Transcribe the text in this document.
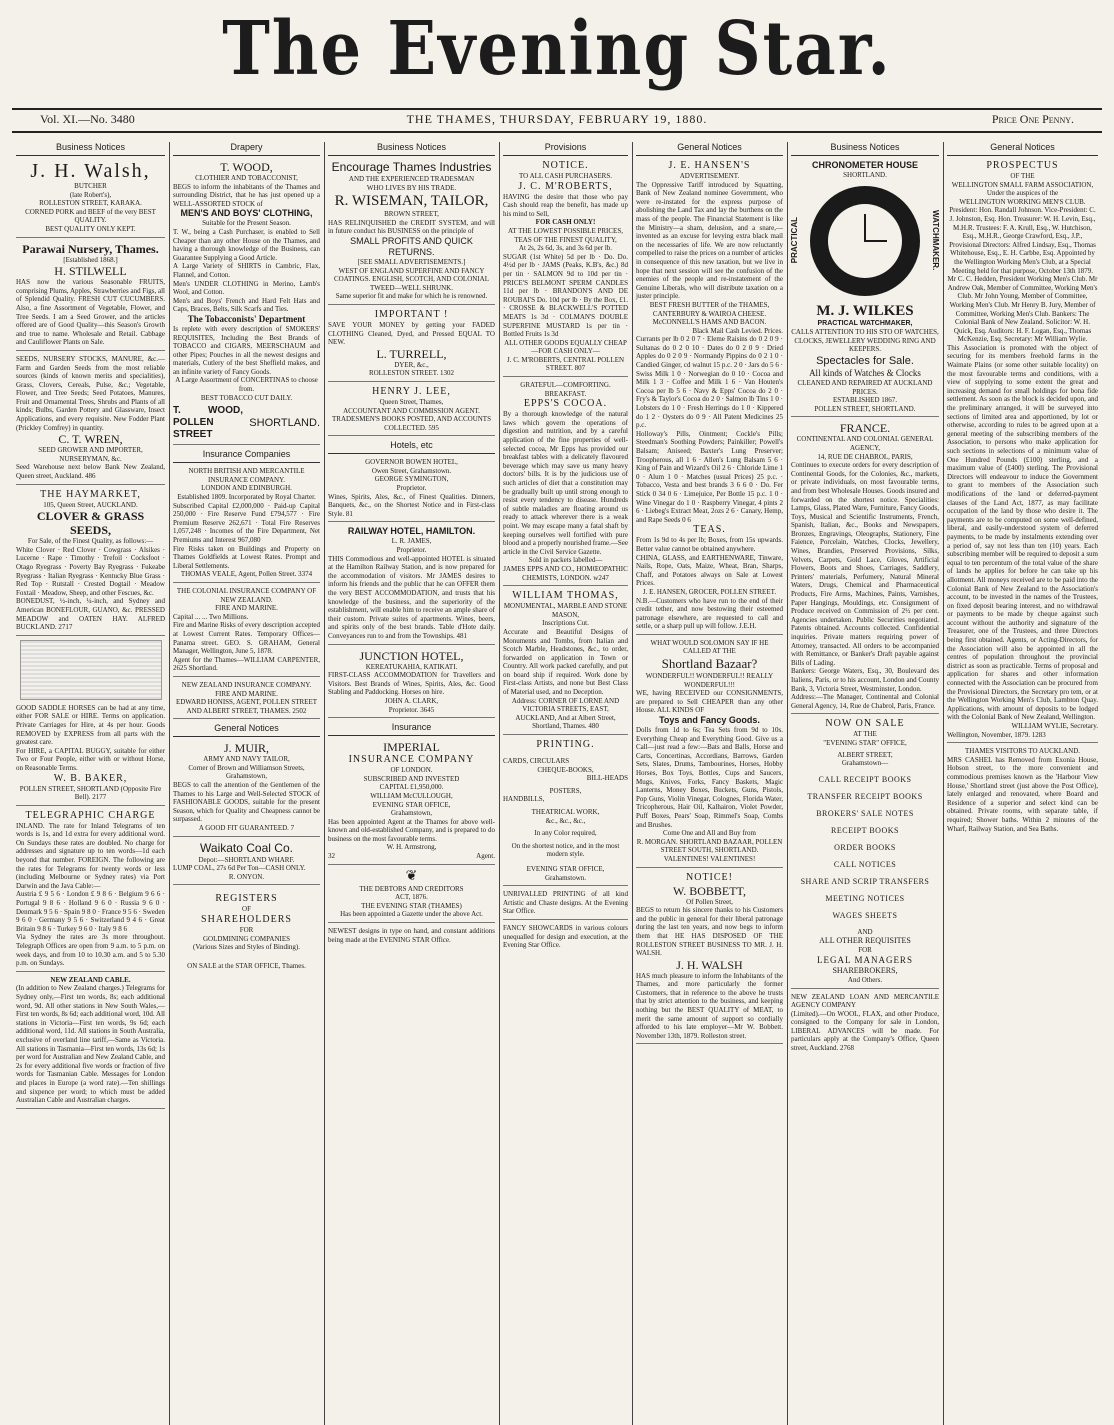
The Evening Star.
THE THAMES, THURSDAY, FEBRUARY 19, 1880.
Vol. XI.—No. 3480	Price One Penny.
Business Notices
J. H. Walsh,
BUTCHER
(late Robert's),
ROLLESTON STREET, KARAKA.
CORNED PORK and BEEF of the very BEST QUALITY.
BEST QUALITY ONLY KEPT.
Parawai Nursery, Thames.
[Established 1868.]
H. STILWELL
HAS now the various Seasonable FRUITS, comprising Plums, Apples, Strawberries and Figs, all of Splendid Quality. FRESH CUT CUCUMBERS. Also, a fine Assortment of Vegetable, Flower, and Tree Seeds. I am a Seed Grower, and the articles offered are of Good Quality—this Season's Growth and true to name. Wholesale and Retail. Cabbage and Cauliflower Plants on Sale.
SEEDS, NURSERY STOCKS, MANURE, &c.—Farm and Garden Seeds from the most reliable sources (kinds of known merits and specialities), Grass, Clovers, Cereals, Pulse, &c.; Vegetable, Flower, and Tree Seeds; Seed Potatoes, Manures, Fruit and Ornamental Trees, Shrubs and Plants of all kinds; Bulbs, Garden Pottery and Glassware, Insect Applications, and every requisite. New Fodder Plant (Prickley Comfrey) in quantity.
C. T. WREN,
SEED GROWER AND IMPORTER, NURSERYMAN, &c.
Seed Warehouse next below Bank New Zealand, Queen street, Auckland. 486
THE HAYMARKET,
105, Queen Street, AUCKLAND.
CLOVER & GRASS SEEDS,
For Sale, of the Finest Quality, as follows:—
White Clover · Red Clover · Cowgrass · Alsikes · Lucerne · Rape · Timothy · Trefoil · Cocksfoot · Otago Ryegrass · Poverty Bay Ryegrass · Fukeabe Ryegrass · Italian Ryegrass · Kentucky Blue Grass · Red Top · Rutstall · Crested Dogtail · Meadow Foxtail · Meadow, Sheep, and other Fescues, &c.
BONEDUST, ½-inch, ¼-inch, and Sydney and American BONEFLOUR, GUANO, &c. PRESSED MEADOW and OATEN HAY. ALFRED BUCKLAND. 2717
GOOD SADDLE HORSES can be had at any time, either FOR SALE or HIRE. Terms on application. Private Carriages for Hire, at 4s per hour. Goods REMOVED by EXPRESS from all parts with the greatest care.
For HIRE, a CAPITAL BUGGY, suitable for either Two or Four People, either with or without Horse, on Reasonable Terms.
W. B. BAKER,
POLLEN STREET, SHORTLAND (Opposite Fire Bell). 2177
TELEGRAPHIC CHARGE
INLAND. The rate for Inland Telegrams of ten words is 1s, and 1d extra for every additional word. On Sundays these rates are doubled. No charge for addresses and signature up to ten words—1d each beyond that number. FOREIGN. The following are the rates for Telegrams for twenty words or less (including Melbourne or Sydney rates) via Port Darwin and the Java Cable:—
Austria £ 9 5 6 · London £ 9 8 6 · Belgium 9 6 6 · Portugal 9 8 6 · Holland 9 6 0 · Russia 9 6 0 · Denmark 9 5 6 · Spain 9 8 0 · France 9 5 6 · Sweden 9 6 0 · Germany 9 5 6 · Switzerland 9 4 6 · Great Britain 9 8 6 · Turkey 9 6 0 · Italy 9 8 6
Via Sydney the rates are 3s more throughout. Telegraph Offices are open from 9 a.m. to 5 p.m. on week days, and from 10 to 10.30 a.m. and 5 to 5.30 p.m. on Sundays.
NEW ZEALAND CABLE.
(In addition to New Zealand charges.) Telegrams for Sydney only,—First ten words, 8s; each additional word, 9d. All other stations in New South Wales,—First ten words, 8s 6d; each additional word, 10d. All stations in Victoria—First ten words, 9s 6d; each additional word, 11d. All stations in South Australia, exclusive of overland line tariff,—Same as Victoria. All stations in Tasmania—First ten words, 13s 6d; 1s per word for Australian and New Zealand Cable, and 2s for every additional five words or fraction of five words for Tasmanian Cable. Messages for London and places in Europe (a word rate).—Ten shillings and sixpence per word; to which must be added Australian Cable and Australian charges.
Drapery
T. WOOD,
CLOTHIER AND TOBACCONIST,
BEGS to inform the inhabitants of the Thames and surrounding District, that he has just opened up a WELL-ASSORTED STOCK of
MEN'S AND BOYS' CLOTHING,
Suitable for the Present Season.
T. W., being a Cash Purchaser, is enabled to Sell Cheaper than any other House on the Thames, and having a thorough knowledge of the Business, can Guarantee Supplying a Good Article.
A Large Variety of SHIRTS in Cambric, Flax, Flannel, and Cotton.
Men's UNDER CLOTHING in Merino, Lamb's Wool, and Cotton.
Men's and Boys' French and Hard Felt Hats and Caps, Braces, Belts, Silk Scarfs and Ties.
The Tobacconists' Department
Is replete with every description of SMOKERS' REQUISITES, Including the Best Brands of TOBACCO and CIGARS, MEERSCHAUM and other Pipes; Pouches in all the newest designs and materials, Cutlery of the best Sheffield makes, and an infinite variety of Fancy Goods.
A Large Assortment of CONCERTINAS to choose from.
BEST TOBACCO CUT DAILY.
T. WOOD, POLLEN STREET
SHORTLAND.
Insurance Companies
NORTH BRITISH AND MERCANTILE INSURANCE COMPANY.
LONDON AND EDINBURGH.
Established 1809. Incorporated by Royal Charter.
Subscribed Capital £2,000,000 · Paid-up Capital 250,000 · Fire Reserve Fund £794,577 · Fire Premium Reserve 262,671 · Total Fire Reserves 1,057,248 · Incomes of the Fire Department, Net Premiums and Interest 967,080
Fire Risks taken on Buildings and Property on Thames Goldfields at Lowest Rates. Prompt and Liberal Settlements.
THOMAS VEALE, Agent, Pollen Street. 3374
THE COLONIAL INSURANCE COMPANY OF NEW ZEALAND.
FIRE AND MARINE.
Capital ... ... Two Millions.
Fire and Marine Risks of every description accepted at Lowest Current Rates. Temporary Offices—Panama street. GEO. S. GRAHAM, General Manager, Wellington, June 5, 1878.
Agent for the Thames—WILLIAM CARPENTER, 2625 Shortland.
NEW ZEALAND INSURANCE COMPANY.
FIRE AND MARINE.
EDWARD HONISS, AGENT, POLLEN STREET AND ALBERT STREET, THAMES. 2502
General Notices
J. MUIR,
ARMY AND NAVY TAILOR,
Corner of Brown and Williamson Streets, Grahamstown,
BEGS to call the attention of the Gentlemen of the Thames to his Large and Well-Selected STOCK of FASHIONABLE GOODS, suitable for the present Season, which for Quality and Cheapness cannot be surpassed.
A GOOD FIT GUARANTEED. 7
Waikato Coal Co.
Depot:—SHORTLAND WHARF.
LUMP COAL, 27s 6d Per Ton—CASH ONLY.
R. ONYON.
REGISTERS
OF
SHAREHOLDERS
FOR
GOLDMINING COMPANIES
(Various Sizes and Styles of Binding).
ON SALE at the STAR OFFICE, Thames.
Business Notices
Encourage Thames Industries
AND THE EXPERIENCED TRADESMAN
WHO LIVES BY HIS TRADE.
R. WISEMAN, TAILOR,
BROWN STREET,
HAS RELINQUISHED the CREDIT SYSTEM, and will in future conduct his BUSINESS on the principle of
SMALL PROFITS AND QUICK RETURNS.
[SEE SMALL ADVERTISEMENTS.]
WEST OF ENGLAND SUPERFINE AND FANCY COATINGS. ENGLISH, SCOTCH, AND COLONIAL TWEED—WELL SHRUNK.
Same superior fit and make for which he is renowned.
IMPORTANT !
SAVE YOUR MONEY by getting your FADED CLOTHING Cleaned, Dyed, and Pressed EQUAL TO NEW.
L. TURRELL,
DYER, &c.,
ROLLESTON STREET. 1302
HENRY J. LEE,
Queen Street, Thames,
ACCOUNTANT AND COMMISSION AGENT.
TRADESMEN'S BOOKS POSTED, AND ACCOUNTS COLLECTED. 595
Hotels, etc
GOVERNOR BOWEN HOTEL,
Owen Street, Grahamstown.
GEORGE SYMINGTON,
Proprietor.
Wines, Spirits, Ales, &c., of Finest Qualities. Dinners, Banquets, &c., on the Shortest Notice and in First-class Style. 81
RAILWAY HOTEL, HAMILTON.
L. R. JAMES,
Proprietor.
THIS Commodious and well-appointed HOTEL is situated at the Hamilton Railway Station, and is now prepared for the accommodation of visitors. Mr JAMES desires to inform his friends and the public that he can OFFER them the very BEST ACCOMMODATION, and trusts that his knowledge of the business, and the superiority of the establishment, will enable him to receive an ample share of their custom. Private suites of apartments. Wines, beers, and spirits only of the best brands. Table d'Hote daily. Conveyances run to and from the Townships. 481
JUNCTION HOTEL,
KEREATUKAHIA, KATIKATI.
FIRST-CLASS ACCOMMODATION for Travellers and Visitors. Best Brands of Wines, Spirits, Ales, &c. Good Stabling and Paddocking. Horses on hire.
JOHN A. CLARK,
Proprietor. 3645
Insurance
IMPERIAL
INSURANCE COMPANY
OF LONDON.
SUBSCRIBED AND INVESTED
CAPITAL £1,950,000.
WILLIAM McCULLOUGH,
EVENING STAR OFFICE,
Grahamstown,
Has been appointed Agent at the Thames for above well-known and old-established Company, and is prepared to do business on the most favourable terms.
W. H. Armstrong,
32	Agent.
❦
THE DEBTORS AND CREDITORS
ACT, 1876.
THE EVENING STAR (THAMES)
Has been appointed a Gazette under the above Act.
NEWEST designs in type on hand, and constant additions being made at the EVENING STAR Office.
Provisions
NOTICE.
TO ALL CASH PURCHASERS.
J. C. M'ROBERTS,
HAVING the desire that those who pay Cash should reap the benefit, has made up his mind to Sell,
FOR CASH ONLY!
AT THE LOWEST POSSIBLE PRICES,
TEAS OF THE FINEST QUALITY,
At 2s, 2s 6d, 3s, and 3s 6d per lb.
SUGAR (1st White) 5d per lb · Do. Do. 4½d per lb · JAMS (Peaks, K.B's, &c.) 8d per tin · SALMON 9d to 10d per tin · PRICE'S BELMONT SPERM CANDLES 11d per lb · BRANDON'S AND DE ROUBAI'S Do. 10d per lb · By the Box, £1. · CROSSE & BLACKWELL'S POTTED MEATS 1s 3d · COLMAN'S DOUBLE SUPERFINE MUSTARD 1s per tin · Bottled Fruits 1s 3d
ALL OTHER GOODS EQUALLY CHEAP —FOR CASH ONLY—
J. C. M'ROBERTS, CENTRAL POLLEN STREET. 807
GRATEFUL—COMFORTING.
BREAKFAST.
EPPS'S COCOA.
By a thorough knowledge of the natural laws which govern the operations of digestion and nutrition, and by a careful application of the fine properties of well-selected cocoa, Mr Epps has provided our breakfast tables with a delicately flavoured beverage which may save us many heavy doctors' bills. It is by the judicious use of such articles of diet that a constitution may be gradually built up until strong enough to resist every tendency to disease. Hundreds of subtle maladies are floating around us ready to attack wherever there is a weak point. We may escape many a fatal shaft by keeping ourselves well fortified with pure blood and a properly nourished frame.—See article in the Civil Service Gazette.
Sold in packets labelled—
JAMES EPPS AND CO., HOMŒOPATHIC CHEMISTS, LONDON. w247
WILLIAM THOMAS,
MONUMENTAL, MARBLE AND STONE MASON,
Inscriptions Cut.
Accurate and Beautiful Designs of Monuments and Tombs, from Italian and Scotch Marble, Headstones, &c., to order, forwarded on application in Town or Country. All work packed carefully, and put on board ship if required. Work done by First-class Artists, and none but Best Class of Material used, and no Deception.
Address: CORNER OF LORNE AND VICTORIA STREETS, EAST, AUCKLAND, And at Albert Street, Shortland, Thames. 480
PRINTING.
CARDS, CIRCULARS
CHEQUE-BOOKS,
BILL-HEADS
POSTERS,
HANDBILLS,
THEATRICAL WORK,
&c., &c., &c.,
In any Color required,
On the shortest notice, and in the most modern style.
EVENING STAR OFFICE,
Grahamstown.
UNRIVALLED PRINTING of all kind Artistic and Chaste designs. At the Evening Star Office.
FANCY SHOWCARDS in various colours unequalled for design and execution, at the Evening Star Office.
General Notices
J. E. HANSEN'S
ADVERTISEMENT.
The Oppressive Tariff introduced by Squatting, Bank of New Zealand nominee Government, who were re-instated for the express purpose of abolishing the Land Tax and lay the burthens on the mass of the people. The Financial Statement is like the Ministry—a sham, delusion, and a snare,—invented as an excuse for levying extra black mail on the necessaries of life. We are now reluctantly compelled to raise the prices on a number of articles in consequence of this new taxation, but we live in hope that next session will see the confusion of the enemies of the people and re-instatement of the Genuine Liberals, who will distribute taxation on a juster principle.
BEST FRESH BUTTER of the THAMES, CANTERBURY & WAIROA CHEESE. McCONNELL'S HAMS AND BACON.
Black Mail Cash Levied. Prices.
Currants per lb 0 2 0 7 · Eleme Raisins do 0 2 0 9 · Sultanas do 0 2 0 10 · Dates do 0 2 0 9 · Dried Apples do 0 2 0 9 · Normandy Pippins do 0 2 1 0 · Candied Ginger, cd walnut 15 p.c. 2 0 · Jars do 5 6 · Swiss Milk 1 0 · Norwegian do 0 10 · Cocoa and Milk 1 3 · Coffee and Milk 1 6 · Van Houten's Cocoa per lb 5 6 · Navy & Epps' Cocoa do 2 0 · Fry's & Taylor's Cocoa do 2 0 · Salmon lb Tins 1 0 · Lobsters do 1 0 · Fresh Herrings do 1 0 · Kippered do 1 2 · Oysters do 0 9 · All Patent Medicines 25 p.c.
Holloway's Pills, Ointment; Cockle's Pills; Steedman's Soothing Powders; Painkiller; Powell's Balsam; Aniseed; Baxter's Lung Preserver; Troopherous, all 1 6 · Allen's Lung Balsam 5 6 · King of Pain and Wizard's Oil 2 6 · Chloride Lime 1 0 · Alum 1 0 · Matches (usual Prices) 25 p.c. · Tobacco, Vesta and best brands 3 6 6 0 · Do. Fer Stick 0 34 0 6 · Limejuice, Per Bottle 15 p.c. 1 0 · Wine Vinegar do 1 0 · Raspberry Vinegar, 4 pints 2 6 · Liebeg's Extract Meat, 2ozs 2 6 · Canary, Hemp, and Rape Seeds 0 6
TEAS.
From 1s 9d to 4s per lb; Boxes, from 15s upwards. Better value cannot be obtained anywhere.
CHINA, GLASS, and EARTHENWARE, Tinware, Nails, Rope, Oats, Maize, Wheat, Bran, Sharps, Chaff, and Potatoes always on Sale at Lowest Prices.
J. E. HANSEN, GROCER, POLLEN STREET.
N.B.—Customers who have run to the end of their credit tether, and now bestowing their esteemed patronage elsewhere, are requested to call and settle, or a sharp pull up will follow. J.E.H.
WHAT WOULD SOLOMON SAY IF HE CALLED AT THE
Shortland Bazaar?
WONDERFUL!! WONDERFUL!! REALLY WONDERFUL!!!
WE, having RECEIVED our CONSIGNMENTS, are prepared to Sell CHEAPER than any other House. ALL KINDS OF
Toys and Fancy Goods.
Dolls from 1d to 6s; Tea Sets from 9d to 10s. Everything Cheap and Everything Good. Give us a Call—just read a few:—Bats and Balls, Horse and Carts, Concertinas, Accordians, Barrows, Garden Sets, Slates, Drums, Tambourines, Horses, Hobby Horses, Box Toys, Bottles, Cups and Saucers, Mugs, Knives, Forks, Fancy Baskets, Magic Lanterns, Money Boxes, Buckets, Guns, Pistols, Pop Guns, Violin Vinegar, Colognes, Florida Water, Tricopherous, Hair Oil, Kalhairon, Violet Powder, Puff Boxes, Pears' Soap, Rimmel's Soap, Combs and Brushes.
Come One and All and Buy from
R. MORGAN. SHORTLAND BAZAAR, POLLEN STREET SOUTH, SHORTLAND.
VALENTINES! VALENTINES!
NOTICE!
W. BOBBETT,
Of Pollen Street,
BEGS to return his sincere thanks to his Customers and the public in general for their liberal patronage during the last ten years, and now begs to inform them that HE HAS DISPOSED OF THE ROLLESTON STREET BUSINESS TO MR. J. H. WALSH.
J. H. WALSH
HAS much pleasure to inform the Inhabitants of the Thames, and more particularly the former Customers, that in reference to the above he trusts that by strict attention to the business, and keeping nothing but the BEST QUALITY of MEAT, to merit the same amount of support so cordially afforded to his late employer—Mr W. Bobbett. November 13th, 1879. Rolleston street.
Business Notices
CHRONOMETER HOUSE
SHORTLAND.
PRACTICAL	WATCHMAKER.
M. J. WILKES
PRACTICAL WATCHMAKER,
CALLS ATTENTION TO HIS STO OF WATCHES, CLOCKS, JEWELLERY WEDDING RING AND KEEPERS.
Spectacles for Sale.
All kinds of Watches & Clocks
CLEANED AND REPAIRED AT AUCKLAND PRICES.
ESTABLISHED 1867.
POLLEN STREET, SHORTLAND.
FRANCE.
CONTINENTAL AND COLONIAL GENERAL AGENCY,
14, RUE DE CHABROL, PARIS,
Continues to execute orders for every description of Continental Goods, for the Colonies, &c., markets, or private individuals, on most favourable terms, and from best Wholesale Houses. Goods insured and forwarded on the shortest notice. Specialities: Lamps, Glass, Plated Ware, Furniture, Fancy Goods, Toys, Musical and Scientific Instruments, French, Spanish, Italian, &c., Books and Newspapers, Bronzes, Engravings, Oleographs, Stationery, Fine Faience, Porcelain, Watches, Clocks, Jewellery, Wines, Brandies, Preserved Provisions, Silks, Velvets, Carpets, Gold Lace, Gloves, Artificial Flowers, Boots and Shoes, Carriages, Saddlery, Printers' materials, Perfumery, Natural Mineral Waters, Drugs, Chemical and Pharmaceutical Products, Fire Arms, Machines, Paints, Varnishes, Paper Hangings, Mouldings, etc. Consignment of Produce received on Commission of 2½ per cent. Agencies undertaken. Public Securities negotiated. Patents obtained. Accounts collected. Confidential inquiries. Private matters requiring power of Attorney, transacted. All orders to be accompanied with Remittance, or Banker's Draft payable against Bills of Lading.
Bankers: George Waters, Esq., 30, Boulevard des Italiens, Paris, or to his account, London and County Bank, 3, Victoria Street, Westminster, London.
Address:—The Manager, Continental and Colonial General Agency, 14, Rue de Chabrol, Paris, France.
NOW ON SALE
AT THE
"EVENING STAR" OFFICE,
ALBERT STREET,
Grahamstown—
CALL RECEIPT BOOKS
TRANSFER RECEIPT BOOKS
BROKERS' SALE NOTES
RECEIPT BOOKS
ORDER BOOKS
CALL NOTICES
SHARE AND SCRIP TRANSFERS
MEETING NOTICES
WAGES SHEETS
AND
ALL OTHER REQUISITES
FOR
LEGAL MANAGERS
SHAREBROKERS,
And Others.
NEW ZEALAND LOAN AND MERCANTILE AGENCY COMPANY
(Limited).—On WOOL, FLAX, and other Produce, consigned to the Company for sale in London, LIBERAL ADVANCES will be made. For particulars apply at the Company's Office, Queen street, Auckland. 2768
General Notices
PROSPECTUS
OF THE
WELLINGTON SMALL FARM ASSOCIATION,
Under the auspices of the
WELLINGTON WORKING MEN'S CLUB.
President: Hon. Randall Johnson. Vice-President: C. J. Johnston, Esq. Hon. Treasurer: W. H. Levin, Esq., M.H.R. Trustees: F. A. Krull, Esq., W. Hutchison, Esq., M.H.R., George Crawford, Esq., J.P., Provisional Directors: Alfred Lindsay, Esq., Thomas Whitehouse, Esq., E. H. Carbbe, Esq. Appointed by the Wellington Working Men's Club, at a Special Meeting held for that purpose, October 13th 1879. Mr C. C. Hedden, President Working Men's Club. Mr Andrew Oak, Member of Committee, Working Men's Club. Mr John Young, Member of Committee, Working Men's Club. Mr Henry B. Jury, Member of Committee, Working Men's Club. Bankers: The Colonial Bank of New Zealand. Solicitor: W. H. Quick, Esq. Auditors: H. F. Logan, Esq., Thomas McKenzie, Esq. Secretary: Mr William Wylie.
This Association is promoted with the object of securing for its members freehold farms in the Waimate Plains (or some other suitable locality) on the most favourable terms and conditions, with a view of supplying to some extent the great and increasing demand for small holdings for bona fide settlement. As soon as the block is decided upon, and the preliminary arranged, it will be surveyed into sections of limited area and apportioned, by lot or otherwise, according to rules to be agreed upon at a general meeting of the subscribing members of the Association, to persons who make application for such sections in selections of a minimum value of One Hundred Pounds (£100) sterling, and a maximum value of (£400) sterling. The Provisional Directors will endeavour to induce the Government to grant to members of the Association such modifications of the land or deferred-payment clauses of the Land Act, 1877, as may facilitate occupation of the land by those who desire it. The payments are to be computed on some well-defined, liberal, and easily-understood system of deferred payments, to be made by instalments extending over a period of, say not less than ten (10) years. Each subscribing member will be required to deposit a sum equal to ten percentum of the total value of the share of lands he applies for before he can take up his allotment. All moneys received are to be paid into the Colonial Bank of New Zealand to the Association's account, to be invested in the names of the Trustees, on fixed deposit bearing interest, and no withdrawal or payments to be made by cheque against such account without the authority and signature of the Treasurer, one of the Trustees, and three Directors being first obtained. Agents, or Acting-Directors, for the Association will also be appointed in all the centres of population throughout the provincial district as soon as practicable. Terms of proposal and application for shares and other information connected with the Association can be procured from the Provisional Directors, the Secretary pro tem, or at the Wellington Working Men's Club, Lambton Quay. Applications, with amount of deposits to be lodged with the Colonial Bank of New Zealand, Wellington.
WILLIAM WYLIE, Secretary.
Wellington, November, 1879. 1283
THAMES VISITORS TO AUCKLAND.
MRS CASHEL has Removed from Exonia House, Hobson street, to the more convenient and commodious premises known as the 'Harbour View House,' Shortland street (just above the Post Office), lately enlarged and renovated, where Board and Residence of a superior and select kind can be obtained. Private rooms, with separate table, if required; Shower baths. Within 2 minutes of the Wharf, Railway Station, and Sea Baths.
